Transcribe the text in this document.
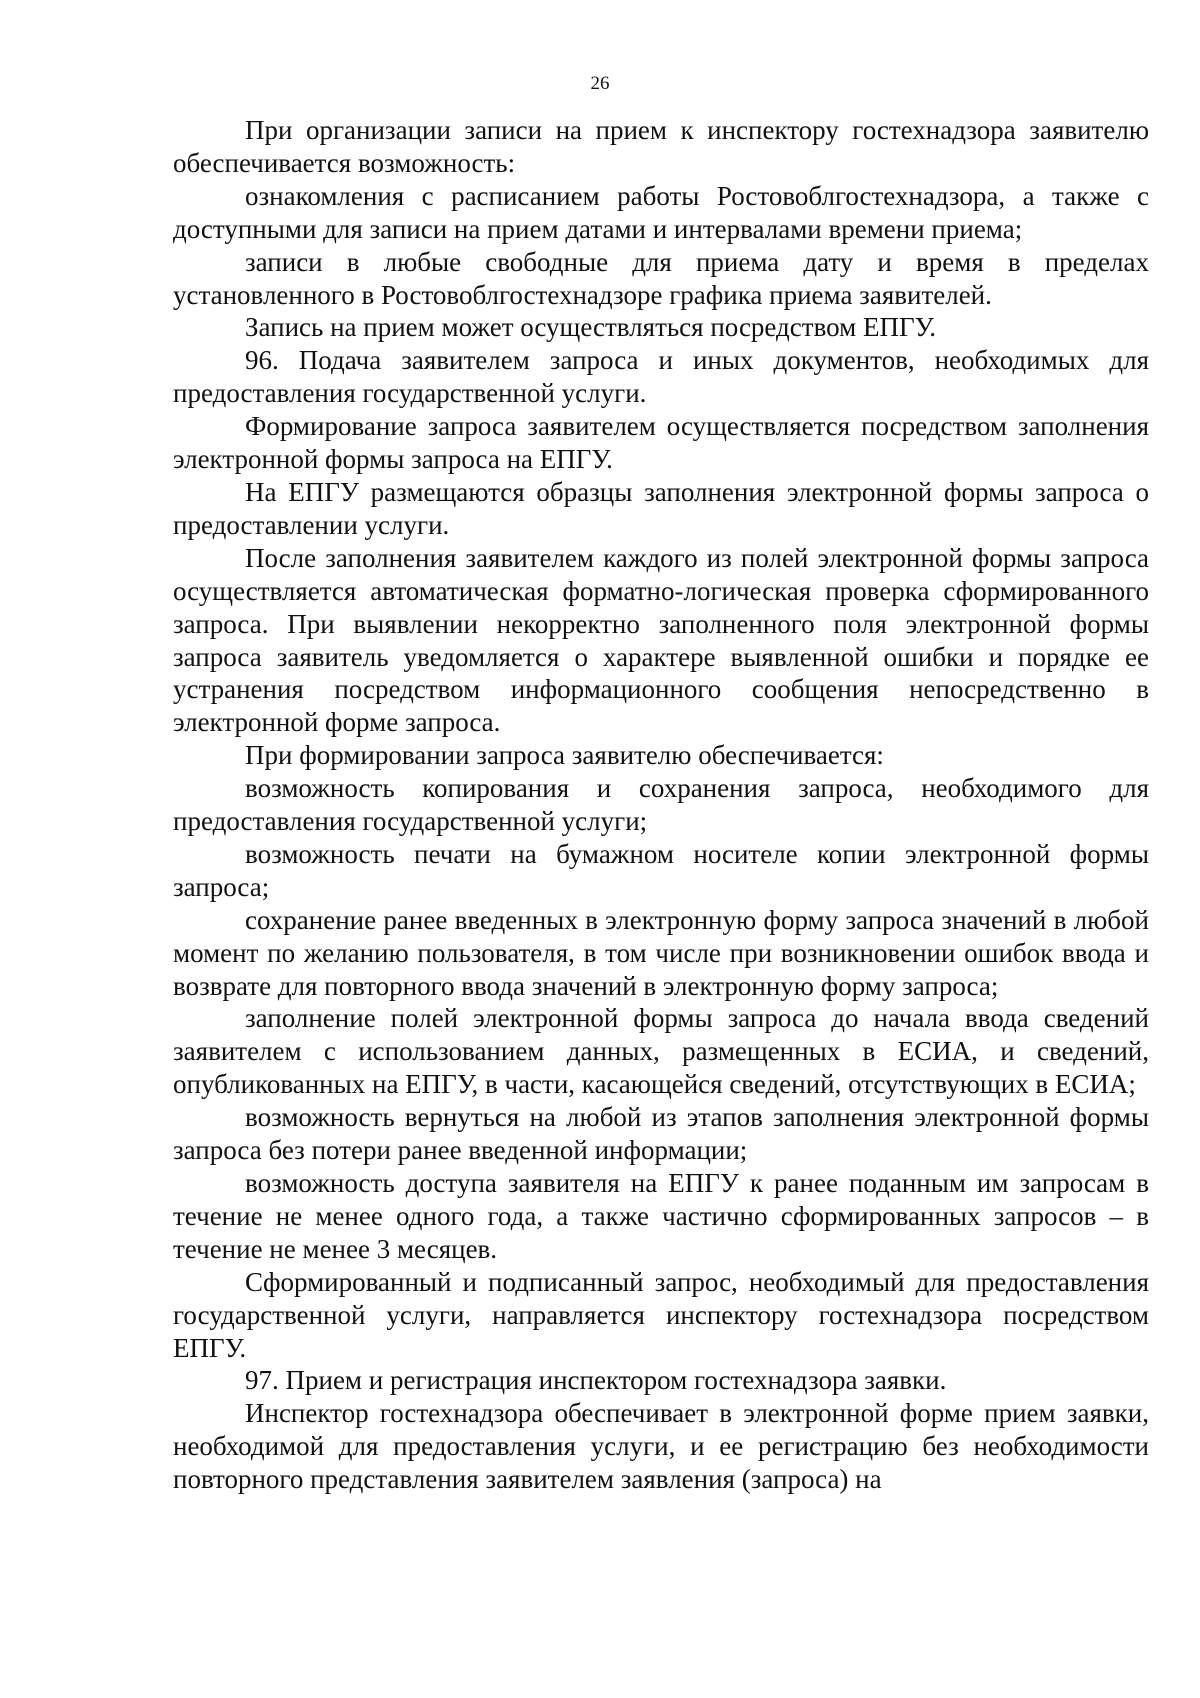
26

При организации записи на прием к инспектору гостехнадзора заявителю обеспечивается возможность:

ознакомления с расписанием работы Ростовоблгостехнадзора, а также с доступными для записи на прием датами и интервалами времени приема;

записи в любые свободные для приема дату и время в пределах установленного в Ростовоблгостехнадзоре графика приема заявителей.

Запись на прием может осуществляться посредством ЕПГУ.

96. Подача заявителем запроса и иных документов, необходимых для предоставления государственной услуги.

Формирование запроса заявителем осуществляется посредством заполнения электронной формы запроса на ЕПГУ.

На ЕПГУ размещаются образцы заполнения электронной формы запроса о предоставлении услуги.

После заполнения заявителем каждого из полей электронной формы запроса осуществляется автоматическая форматно-логическая проверка сформированного запроса. При выявлении некорректно заполненного поля электронной формы запроса заявитель уведомляется о характере выявленной ошибки и порядке ее устранения посредством информационного сообщения непосредственно в электронной форме запроса.

При формировании запроса заявителю обеспечивается:

возможность копирования и сохранения запроса, необходимого для предоставления государственной услуги;

возможность печати на бумажном носителе копии электронной формы запроса;

сохранение ранее введенных в электронную форму запроса значений в любой момент по желанию пользователя, в том числе при возникновении ошибок ввода и возврате для повторного ввода значений в электронную форму запроса;

заполнение полей электронной формы запроса до начала ввода сведений заявителем с использованием данных, размещенных в ЕСИА, и сведений, опубликованных на ЕПГУ, в части, касающейся сведений, отсутствующих в ЕСИА;

возможность вернуться на любой из этапов заполнения электронной формы запроса без потери ранее введенной информации;

возможность доступа заявителя на ЕПГУ к ранее поданным им запросам в течение не менее одного года, а также частично сформированных запросов – в течение не менее 3 месяцев.

Сформированный и подписанный запрос, необходимый для предоставления государственной услуги, направляется инспектору гостехнадзора посредством ЕПГУ.

97. Прием и регистрация инспектором гостехнадзора заявки.

Инспектор гостехнадзора обеспечивает в электронной форме прием заявки, необходимой для предоставления услуги, и ее регистрацию без необходимости повторного представления заявителем заявления (запроса) на
